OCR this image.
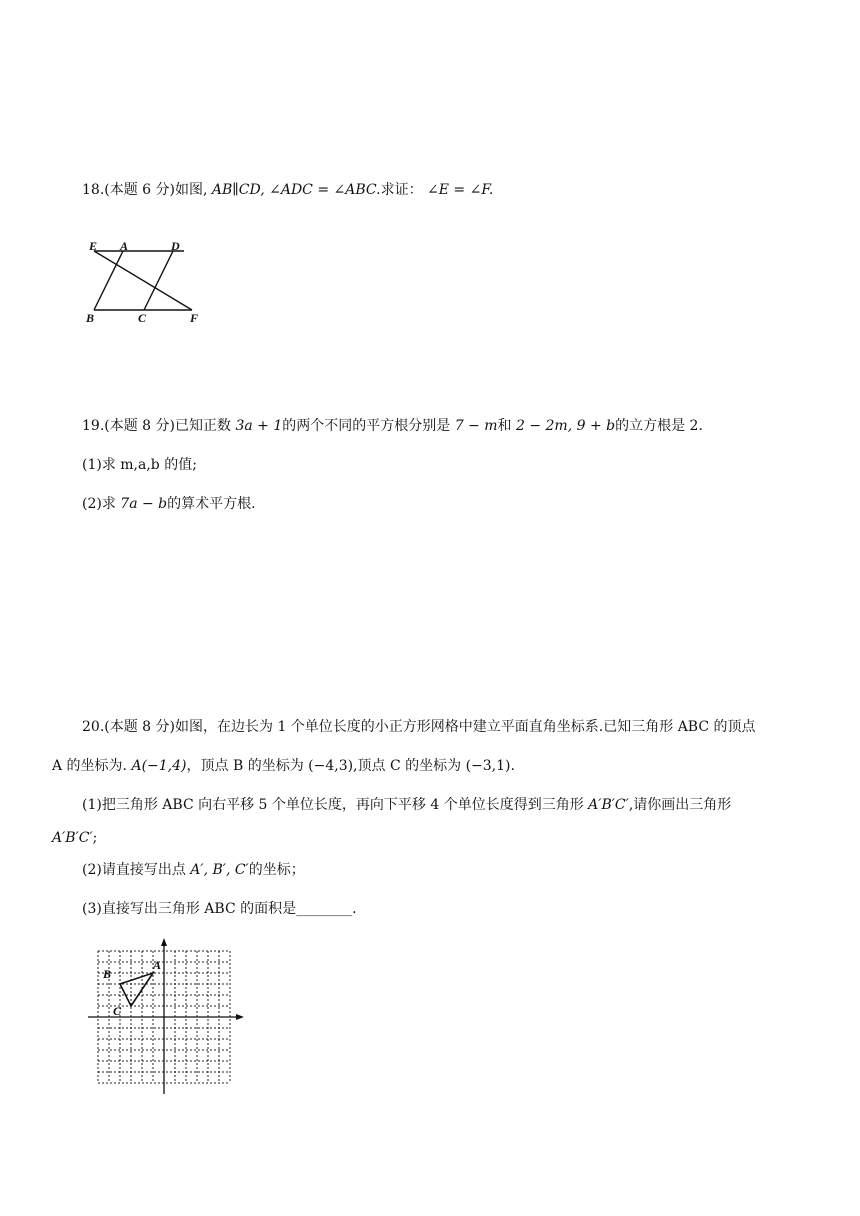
18.(本题 6 分)如图, AB∥CD, ∠ADC = ∠ABC.求证： ∠E = ∠F.
E A	D
B	C	F
19.(本题 8 分)已知正数 3a + 1的两个不同的平方根分别是 7 − m和 2 − 2m, 9 + b的立方根是 2.
(1)求 m,a,b 的值;
(2)求 7a − b的算术平方根.
20.(本题 8 分)如图，在边长为 1 个单位长度的小正方形网格中建立平面直角坐标系.已知三角形 ABC 的顶点
A 的坐标为. A(−1,4)，顶点 B 的坐标为 (−4,3),顶点 C 的坐标为 (−3,1).
(1)把三角形 ABC 向右平移 5 个单位长度，再向下平移 4 个单位长度得到三角形 A′B′C′,请你画出三角形
A′B′C′;
(2)请直接写出点 A′, B′, C′的坐标；
(3)直接写出三角形 ABC 的面积是________.
A
B
C
